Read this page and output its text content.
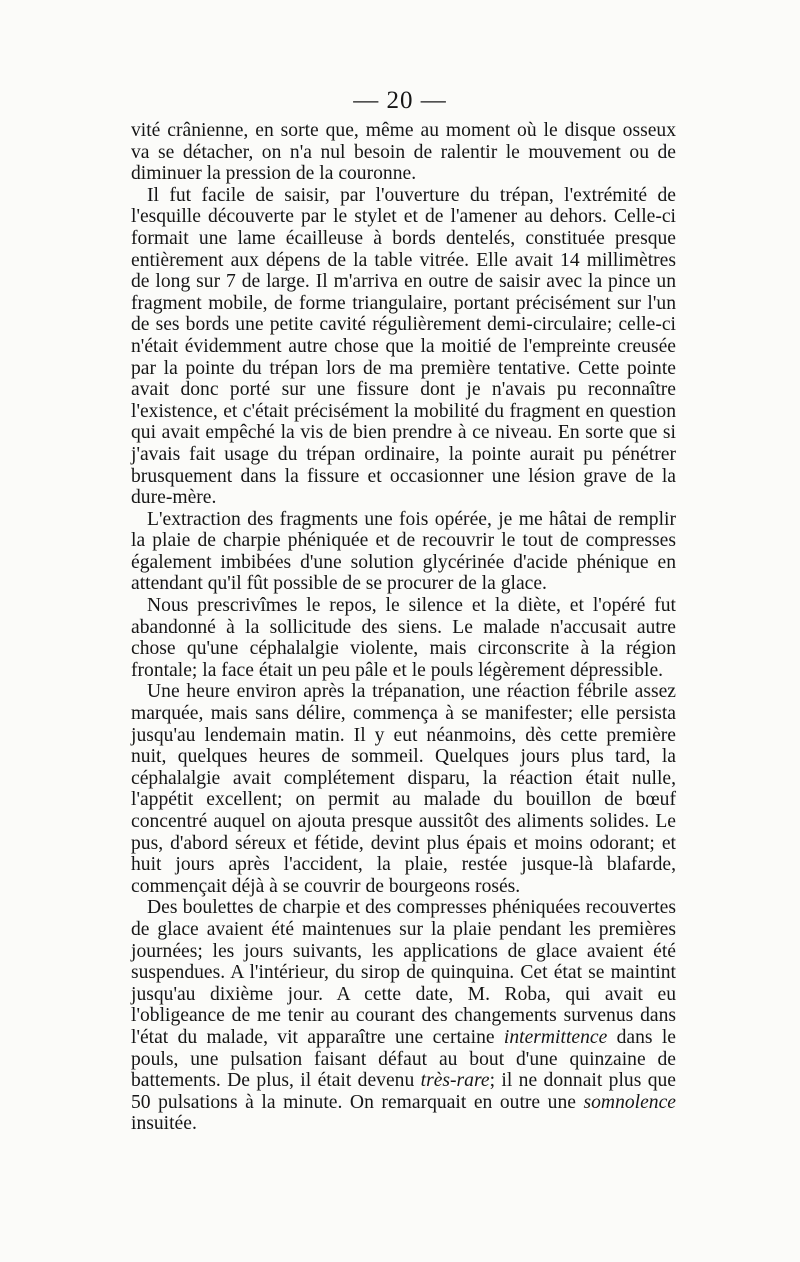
— 20 —

vité crânienne, en sorte que, même au moment où le disque osseux va se détacher, on n'a nul besoin de ralentir le mouvement ou de diminuer la pression de la couronne.

Il fut facile de saisir, par l'ouverture du trépan, l'extrémité de l'esquille découverte par le stylet et de l'amener au dehors. Celle-ci formait une lame écailleuse à bords dentelés, constituée presque entièrement aux dépens de la table vitrée. Elle avait 14 millimètres de long sur 7 de large. Il m'arriva en outre de saisir avec la pince un fragment mobile, de forme triangulaire, portant précisément sur l'un de ses bords une petite cavité régulièrement demi-circulaire; celle-ci n'était évidemment autre chose que la moitié de l'empreinte creusée par la pointe du trépan lors de ma première tentative. Cette pointe avait donc porté sur une fissure dont je n'avais pu reconnaître l'existence, et c'était précisément la mobilité du fragment en question qui avait empêché la vis de bien prendre à ce niveau. En sorte que si j'avais fait usage du trépan ordinaire, la pointe aurait pu pénétrer brusquement dans la fissure et occasionner une lésion grave de la dure-mère.

L'extraction des fragments une fois opérée, je me hâtai de remplir la plaie de charpie phéniquée et de recouvrir le tout de compresses également imbibées d'une solution glycérinée d'acide phénique en attendant qu'il fût possible de se procurer de la glace.

Nous prescrivîmes le repos, le silence et la diète, et l'opéré fut abandonné à la sollicitude des siens. Le malade n'accusait autre chose qu'une céphalalgie violente, mais circonscrite à la région frontale; la face était un peu pâle et le pouls légèrement dépressible.

Une heure environ après la trépanation, une réaction fébrile assez marquée, mais sans délire, commença à se manifester; elle persista jusqu'au lendemain matin. Il y eut néanmoins, dès cette première nuit, quelques heures de sommeil. Quelques jours plus tard, la céphalalgie avait complétement disparu, la réaction était nulle, l'appétit excellent; on permit au malade du bouillon de bœuf concentré auquel on ajouta presque aussitôt des aliments solides. Le pus, d'abord séreux et fétide, devint plus épais et moins odorant; et huit jours après l'accident, la plaie, restée jusque-là blafarde, commençait déjà à se couvrir de bourgeons rosés.

Des boulettes de charpie et des compresses phéniquées recouvertes de glace avaient été maintenues sur la plaie pendant les premières journées; les jours suivants, les applications de glace avaient été suspendues. A l'intérieur, du sirop de quinquina. Cet état se maintint jusqu'au dixième jour. A cette date, M. Roba, qui avait eu l'obligeance de me tenir au courant des changements survenus dans l'état du malade, vit apparaître une certaine intermittence dans le pouls, une pulsation faisant défaut au bout d'une quinzaine de battements. De plus, il était devenu très-rare; il ne donnait plus que 50 pulsations à la minute. On remarquait en outre une somnolence insuitée.
